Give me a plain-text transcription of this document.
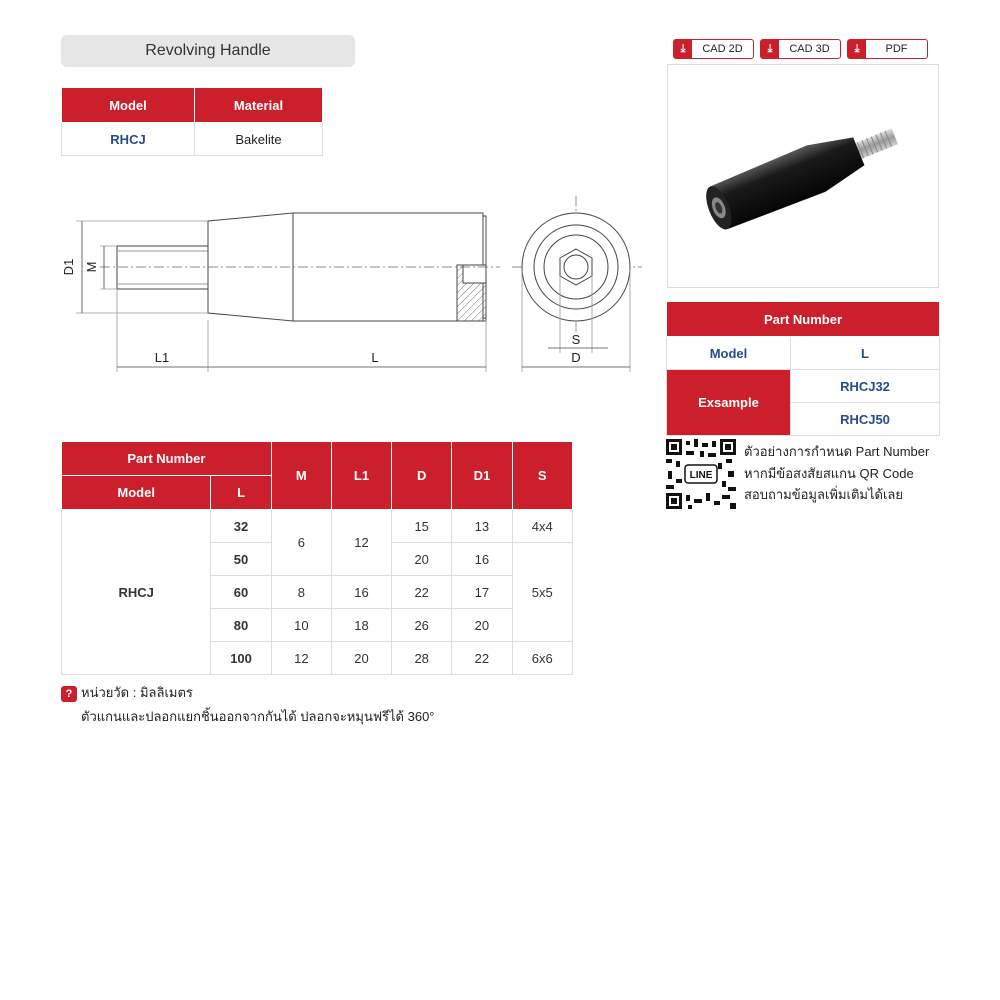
Revolving Handle
Model	Material
RHCJ	Bakelite
D1 M
L1	L
S
D
⤓	CAD 2D	⤓	CAD 3D	⤓	PDF
Part Number	
Model	L
Exsample	RHCJ32
	RHCJ50
LINE
ตัวอย่างการกำหนด Part Number
หากมีข้อสงสัยสแกน QR Code
สอบถามข้อมูลเพิ่มเติมได้เลย
Part Number		M	L1	D	D1	S
Model	L					
RHCJ	32	6	12	15	13	4x4
	50			20	16	5x5
	60	8	16	22	17	
	80	10	18	26	20	
	100	12	20	28	22	6x6
? หน่วยวัด : มิลลิเมตร
ตัวแกนและปลอกแยกชิ้นออกจากกันได้ ปลอกจะหมุนฟรีได้ 360°
